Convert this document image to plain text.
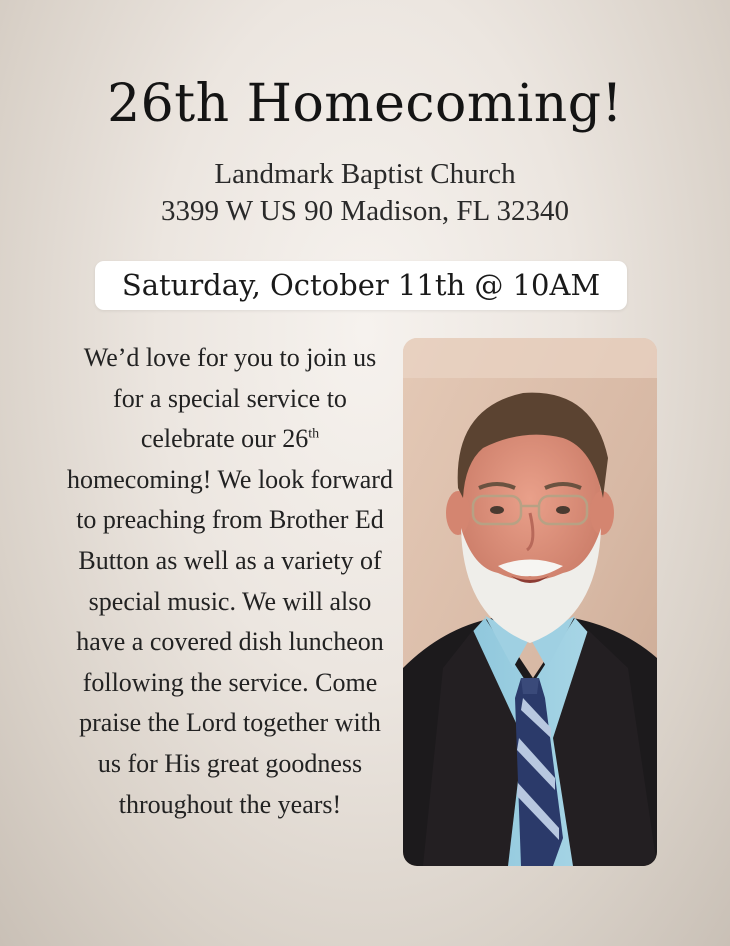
26th Homecoming!
Landmark Baptist Church
3399 W US 90 Madison, FL 32340
Saturday, October 11th @ 10AM
We’d love for you to join us for a special service to celebrate our 26th homecoming! We look forward to preaching from Brother Ed Button as well as a variety of special music. We will also have a covered dish luncheon following the service. Come praise the Lord together with us for His great goodness throughout the years!
